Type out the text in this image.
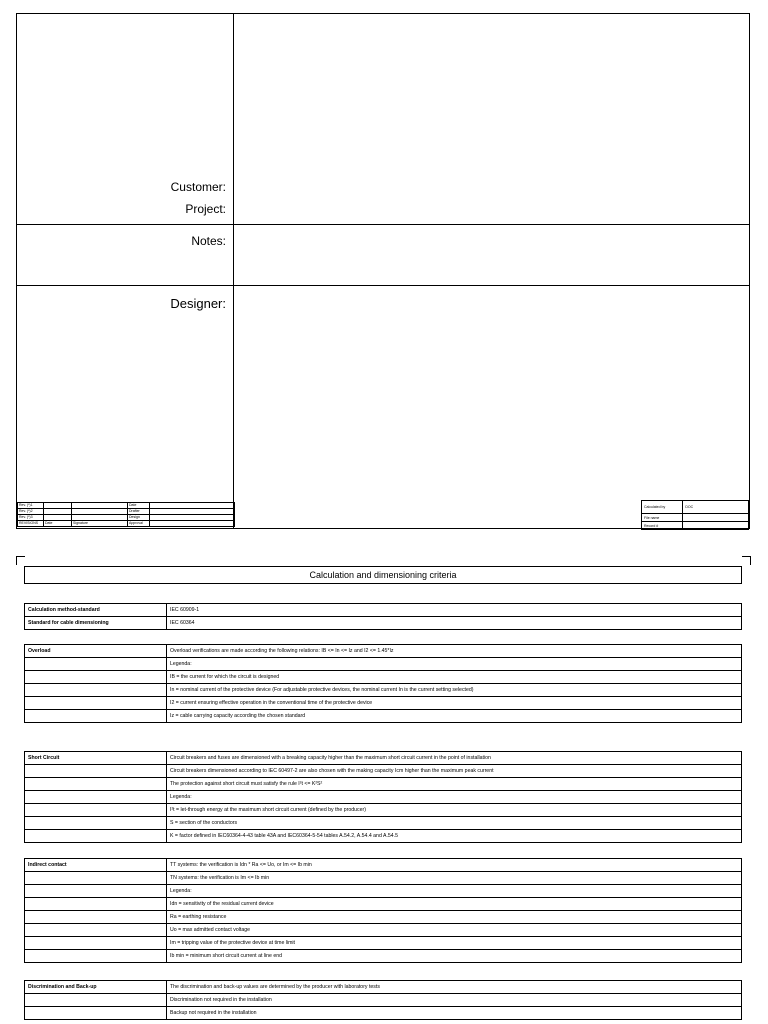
Customer:
Project:
Notes:
Designer:
Rev. (*)1			Date	
Rev. (*)2			Drafter	
Rev. (*)3			Design	
REVISIONS	Date	Signature	Approval	
Calculated by	DOC
File name	
Record #	
Calculation and dimensioning criteria
Calculation method-standard	IEC 60909-1
Standard for cable dimensioning	IEC 60364
Overload	Overload verifications are made according the following relations: IB <= In <= Iz and I2 <= 1.45*Iz
	Legenda:
	IB = the current for which the circuit is designed
	In = nominal current of the protective device (For adjustable protective devices, the nominal current In is the current setting selected)
	I2 = current ensuring effective operation in the conventional time of the protective device
	Iz = cable carrying capacity according the chosen standard
Short Circuit	Circuit breakers and fuses are dimensioned with a breaking capacity higher than the maximum short circuit current in the point of installation
	Circuit breakers dimensioned according to IEC 60497-2 are also chosen with the making capacity Icm higher than the maximum peak current
	The protection against short circuit must satisfy the rule I²t <= K²S²
	Legenda:
	I²t = let-through energy at the maximum short circuit current (defined by the producer)
	S = section of the conductors
	K = factor defined in IEC60364-4-43 table 43A and IEC60364-5-54 tables A.54.2, A.54.4 and A.54.5
Indirect contact	TT systems: the verification is Idn * Ra <= Uo, or Im <= Ib min
	TN systems: the verification is Im <= Ib min
	Legenda:
	Idn = sensitivity of the residual current device
	Ra = earthing resistance
	Uo = max admitted contact voltage
	Im = tripping value of the protective device at time limit
	Ib min = minimum short circuit current at line end
Discrimination and Back-up	The discrimination and back-up values are determined by the producer with laboratory tests
	Discrimination not required in the installation
	Backup not required in the installation
